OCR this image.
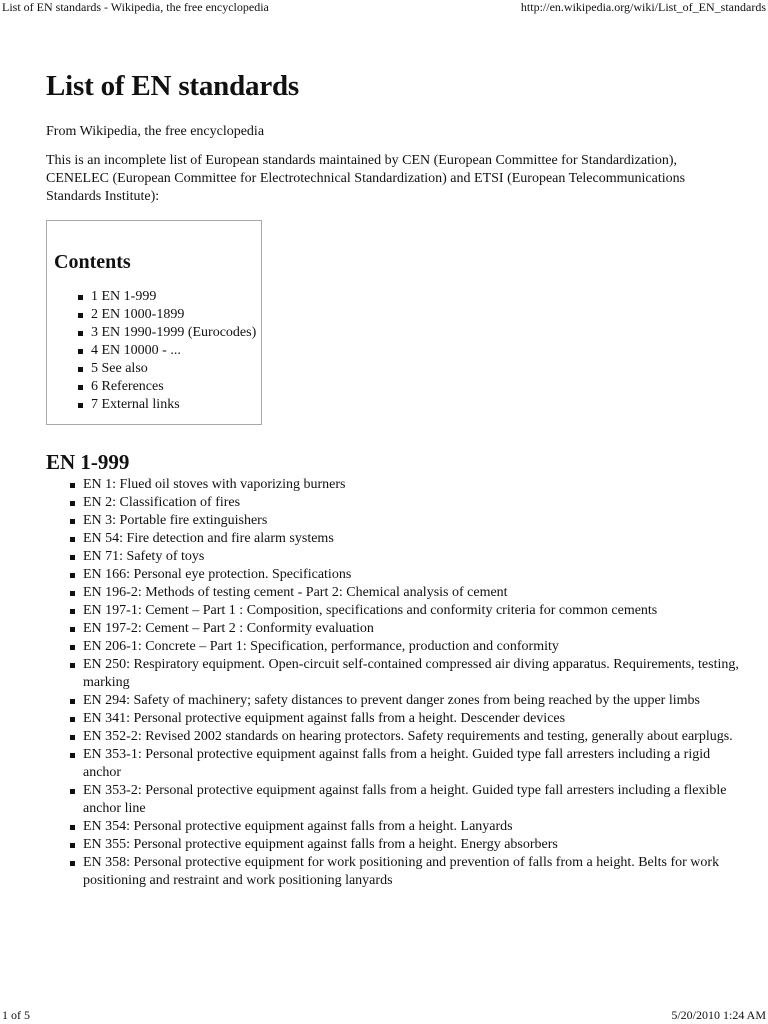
List of EN standards - Wikipedia, the free encyclopedia	http://en.wikipedia.org/wiki/List_of_EN_standards
List of EN standards
From Wikipedia, the free encyclopedia
This is an incomplete list of European standards maintained by CEN (European Committee for Standardization), CENELEC (European Committee for Electrotechnical Standardization) and ETSI (European Telecommunications Standards Institute):
Contents
1 EN 1-999
2 EN 1000-1899
3 EN 1990-1999 (Eurocodes)
4 EN 10000 - ...
5 See also
6 References
7 External links
EN 1-999
EN 1: Flued oil stoves with vaporizing burners
EN 2: Classification of fires
EN 3: Portable fire extinguishers
EN 54: Fire detection and fire alarm systems
EN 71: Safety of toys
EN 166: Personal eye protection. Specifications
EN 196-2: Methods of testing cement - Part 2: Chemical analysis of cement
EN 197-1: Cement – Part 1 : Composition, specifications and conformity criteria for common cements
EN 197-2: Cement – Part 2 : Conformity evaluation
EN 206-1: Concrete – Part 1: Specification, performance, production and conformity
EN 250: Respiratory equipment. Open-circuit self-contained compressed air diving apparatus. Requirements, testing, marking
EN 294: Safety of machinery; safety distances to prevent danger zones from being reached by the upper limbs
EN 341: Personal protective equipment against falls from a height. Descender devices
EN 352-2: Revised 2002 standards on hearing protectors. Safety requirements and testing, generally about earplugs.
EN 353-1: Personal protective equipment against falls from a height. Guided type fall arresters including a rigid anchor
EN 353-2: Personal protective equipment against falls from a height. Guided type fall arresters including a flexible anchor line
EN 354: Personal protective equipment against falls from a height. Lanyards
EN 355: Personal protective equipment against falls from a height. Energy absorbers
EN 358: Personal protective equipment for work positioning and prevention of falls from a height. Belts for work positioning and restraint and work positioning lanyards
1 of 5	5/20/2010 1:24 AM
